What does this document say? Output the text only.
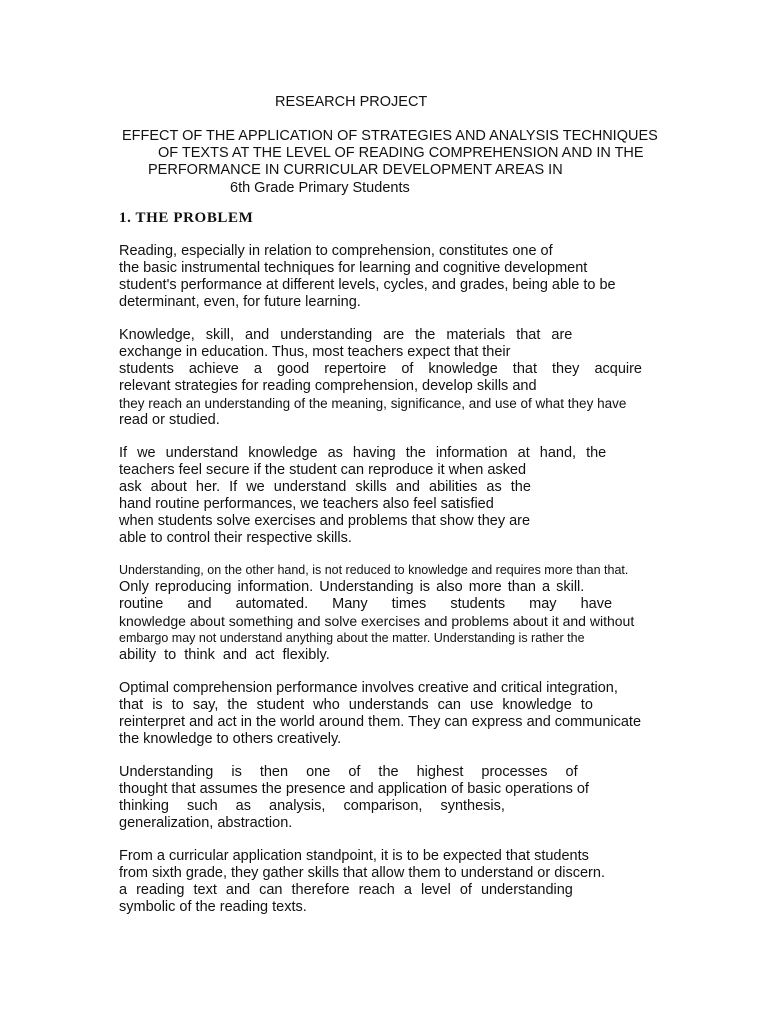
RESEARCH PROJECT
EFFECT OF THE APPLICATION OF STRATEGIES AND ANALYSIS TECHNIQUES
OF TEXTS AT THE LEVEL OF READING COMPREHENSION AND IN THE
PERFORMANCE IN CURRICULAR DEVELOPMENT AREAS IN
6th Grade Primary Students
1. THE PROBLEM
Reading, especially in relation to comprehension, constitutes one of
the basic instrumental techniques for learning and cognitive development
student's performance at different levels, cycles, and grades, being able to be
determinant, even, for future learning.
Knowledge, skill, and understanding are the materials that are
exchange in education. Thus, most teachers expect that their
students achieve a good repertoire of knowledge that they acquire
relevant strategies for reading comprehension, develop skills and
they reach an understanding of the meaning, significance, and use of what they have
read or studied.
If we understand knowledge as having the information at hand, the
teachers feel secure if the student can reproduce it when asked
ask about her. If we understand skills and abilities as the
hand routine performances, we teachers also feel satisfied
when students solve exercises and problems that show they are
able to control their respective skills.
Understanding, on the other hand, is not reduced to knowledge and requires more than that.
Only reproducing information. Understanding is also more than a skill.
routine and automated. Many times students may have
knowledge about something and solve exercises and problems about it and without
embargo may not understand anything about the matter. Understanding is rather the
ability to think and act flexibly.
Optimal comprehension performance involves creative and critical integration,
that is to say, the student who understands can use knowledge to
reinterpret and act in the world around them. They can express and communicate
the knowledge to others creatively.
Understanding is then one of the highest processes of
thought that assumes the presence and application of basic operations of
thinking such as analysis, comparison, synthesis,
generalization, abstraction.
From a curricular application standpoint, it is to be expected that students
from sixth grade, they gather skills that allow them to understand or discern.
a reading text and can therefore reach a level of understanding
symbolic of the reading texts.
